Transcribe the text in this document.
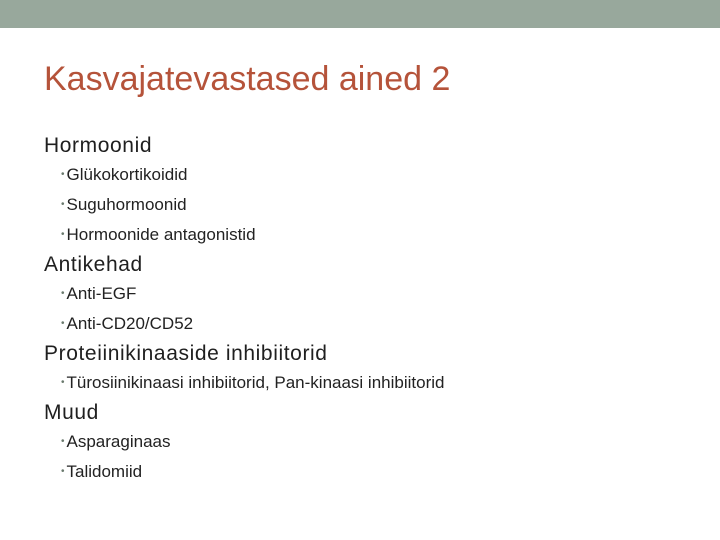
Kasvajatevastased ained 2
Hormoonid
• Glükokortikoidid
• Suguhormoonid
• Hormoonide antagonistid
Antikehad
• Anti-EGF
• Anti-CD20/CD52
Proteiinikinaaside inhibiitorid
• Türosiinikinaasi inhibiitorid, Pan-kinaasi inhibiitorid
Muud
• Asparaginaas
• Talidomiid
